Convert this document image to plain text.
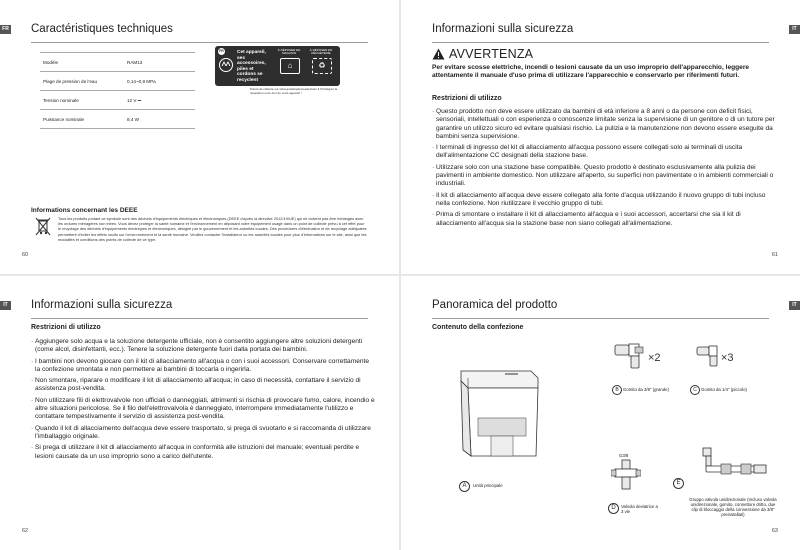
FR Caractéristiques techniques
Modèle	RAM13
Plage de pression de l'eau	0,14~0,8 MPa
Tension nominale	12 V ⎓
Puissance nominale	8,4 W
FR	Cet appareil, ses accessoires, piles et cordons se recyclent
À DÉPOSER EN MAGASIN
À DÉPOSER EN DÉCHÈTERIE
⌂	♻
Points de collecte sur www.quefairedemesdechets.fr Privilégiez la réparation ou le don de votre appareil !
Informations concernant les DEEE
Tous les produits portant ce symbole sont des déchets d'équipements électriques et électroniques (DEEE d'après la directive 2012/19/UE) qui ne doivent pas être mélangés avec les ordures ménagères non triées. Vous devez protéger la santé humaine et l'environnement en déposant votre équipement usagé dans un point de collecte prévu à cet effet pour le recyclage des déchets d'équipements électriques et électroniques, désigné par le gouvernement et les autorités locales. Des procédures d'élimination et de recyclage adéquates permettent d'éviter les effets nocifs sur l'environnement et la santé humaine. Veuillez contacter l'installateur ou les autorités locales pour plus d'informations sur le site, ainsi que les modalités et conditions des points de collecte de ce type.
60
IT
Informazioni sulla sicurezza
AVVERTENZA
Per evitare scosse elettriche, incendi o lesioni causate da un uso improprio dell'apparecchio, leggere attentamente il manuale d'uso prima di utilizzare l'apparecchio e conservarlo per riferimenti futuri.
Restrizioni di utilizzo
· Questo prodotto non deve essere utilizzato da bambini di età inferiore a 8 anni o da persone con deficit fisici, sensoriali, intellettuali o con esperienza o conoscenze limitate senza la supervisione di un genitore o di un tutore per garantire un utilizzo sicuro ed evitare qualsiasi rischio. La pulizia e la manutenzione non devono essere eseguite da bambini senza supervisione.
· I terminali di ingresso del kit di allacciamento all'acqua possono essere collegati solo ai terminali di uscita dell'alimentazione CC designati della stazione base.
· Utilizzare solo con una stazione base compatibile. Questo prodotto è destinato esclusivamente alla pulizia dei pavimenti in ambiente domestico. Non utilizzare all'aperto, su superfici non pavimentate o in ambienti commerciali o industriali.
· Il kit di allacciamento all'acqua deve essere collegato alla fonte d'acqua utilizzando il nuovo gruppo di tubi incluso nella confezione. Non riutilizzare il vecchio gruppo di tubi.
· Prima di smontare o installare il kit di allacciamento all'acqua e i suoi accessori, accertarsi che sia il kit di allacciamento all'acqua sia la stazione base non siano collegati all'alimentazione.
61
IT Informazioni sulla sicurezza
Restrizioni di utilizzo
· Aggiungere solo acqua e la soluzione detergente ufficiale, non è consentito aggiungere altre soluzioni detergenti (come alcol, disinfettanti, ecc.). Tenere la soluzione detergente fuori dalla portata dei bambini.
· I bambini non devono giocare con il kit di allacciamento all'acqua o con i suoi accessori. Conservare correttamente la confezione smontata e non permettere ai bambini di toccarla o ingerirla.
· Non smontare, riparare o modificare il kit di allacciamento all'acqua; in caso di necessità, contattare il servizio di assistenza post-vendita.
· Non utilizzare fili di elettrovalvole non ufficiali o danneggiati, altrimenti si rischia di provocare fumo, calore, incendio e altre situazioni pericolose. Se il filo dell'elettrovalvola è danneggiato, interrompere immediatamente l'utilizzo e contattare tempestivamente il servizio di assistenza post-vendita.
· Quando il kit di allacciamento dell'acqua deve essere trasportato, si prega di svuotarlo e si raccomanda di utilizzare l'imballaggio originale.
· Si prega di utilizzare il kit di allacciamento all'acqua in conformità alle istruzioni del manuale; eventuali perdite e lesioni causate da un uso improprio sono a carico dell'utente.
62
IT
Panoramica del prodotto
Contenuto della confezione
A	Unità principale
×2
B	Gomito da 3/8" (grande)
×3
C Gomito da 1/4" (piccolo)
G3/8
D	Valvola deviatrice a 3 vie
E
Gruppo valvola unidirezionale (Incluso valvola unidirezionale, gomito, connettore dritto, due clip di bloccaggio della connessione da 3/8" preinstallati)
63
